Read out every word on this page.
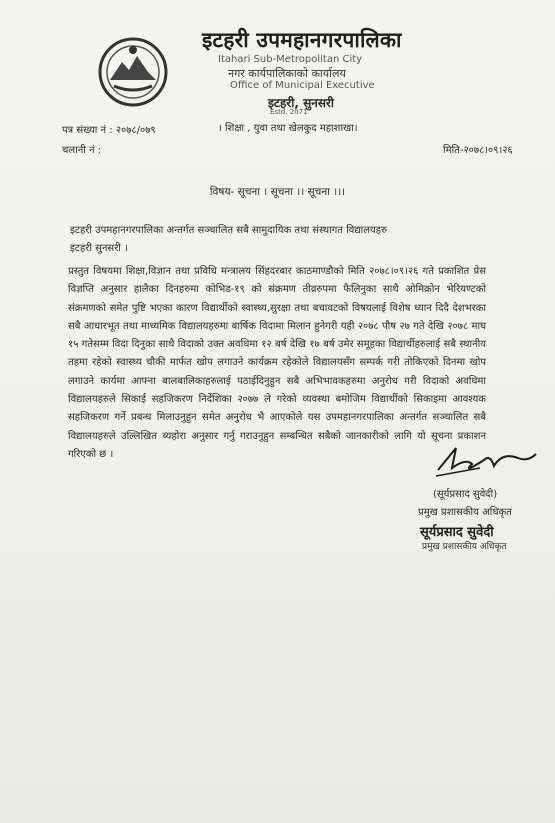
इटहरी उपमहानगरपालिका
Itahari Sub-Metropolitan City
नगर कार्यपालिकाको कार्यालय
Office of Municipal Executive
इटहरी, सुनसरी
Estd. 2071
पत्र संख्या नं : २०७८/०७९	। शिक्षा , युवा तथा खेलकुद महाशाखा।
चलानी नं :	मिति-२०७८।०९।२६
विषय- सूचना । सूचना ।। सूचना ।।।
इटहरी उपमहानगरपालिका अन्तर्गत सञ्चालित सबै सामुदायिक तथा संस्थागत विद्यालयहरु
इटहरी सुनसरी ।
प्रस्तुत विषयमा शिक्षा,विज्ञान तथा प्रविधि मन्त्रालय सिंहदरबार काठमाण्डौको मिति २०७८।०९।२६ गते प्रकाशित प्रेस विज्ञप्ति अनुसार हालैका दिनहरुमा कोभिड-१९ को संक्रमण तीव्ररुपमा फैलिनुका साथै ओमिक्रोन भेरियण्टको संक्रमणको समेत पुष्टि भएका कारण विद्यार्थीको स्वास्थ्य,सुरक्षा तथा बचावटको विषयलाई विशेष ध्यान दिदै देशभरका सबै आधारभूत तथा माध्यमिक विद्यालयहरुमा बार्षिक विदामा मिलान हुनेगरी यही २०७८ पौष २७ गते देखि २०७८ माघ १५ गतेसम्म विदा दिनुका साथै विदाको उक्त अवधिमा १२ बर्ष देखि १७ बर्ष उमेर समूहका विद्यार्थीहरुलाई सबै स्थानीय तहमा रहेको स्वास्थ्य चौकी मार्फत खोप लगाउने कार्यक्रम रहेकोले विद्यालयसँग सम्पर्क गरी तोकिएको दिनमा खोप लगाउने कार्यमा आफ्ना बालबालिकाहरुलाई पठाईदिनुहुन सबै अभिभावकहरुमा अनुरोध गरी विदाको अवधिमा विद्यालयहरुले सिकाई सहजिकरण निर्देशिका २०७७ ले गरेको व्यवस्था बमोजिम विद्यार्थीको सिकाइमा आवश्यक सहजिकरण गर्ने प्रबन्ध मिलाउनुहुन समेत अनुरोध भै आएकोले यस उपमहानगरपालिका अन्तर्गत सञ्चालित सबै विद्यालयहरुले उल्लिखित ब्यहोरा अनुसार गर्नु गराउनुहुन सम्बन्धित सबैको जानकारीको लागि यो सूचना प्रकाशन गरिएको छ ।
(सूर्यप्रसाद सुवेदी)
प्रमुख प्रशासकीय अधिकृत
सूर्यप्रसाद सुवेदी
प्रमुख प्रशासकीय अधिकृत
